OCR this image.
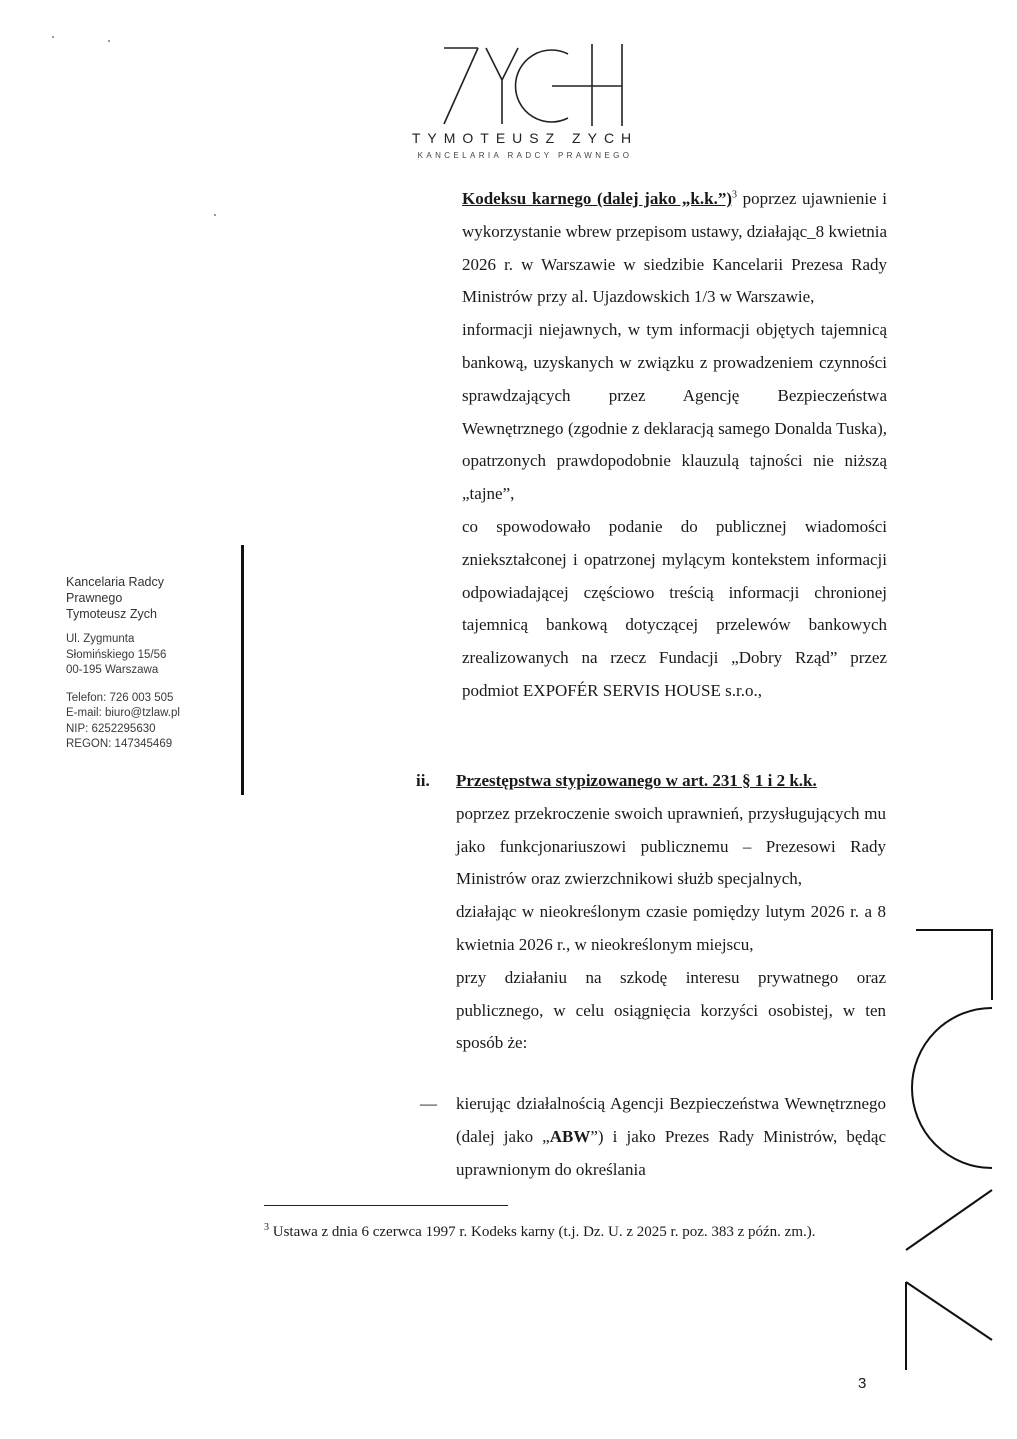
TYMOTEUSZ ZYCH
KANCELARIA RADCY PRAWNEGO
Kancelaria Radcy
Prawnego
Tymoteusz Zych
Ul. Zygmunta
Słomińskiego 15/56
00-195 Warszawa
Telefon: 726 003 505
E-mail: biuro@tzlaw.pl
NIP: 6252295630
REGON: 147345469

Kodeksu karnego (dalej jako „k.k.”)$^3$ poprzez ujawnienie i wykorzystanie wbrew przepisom ustawy, działając_8 kwietnia 2026 r. w Warszawie w siedzibie Kancelarii Prezesa Rady Ministrów przy al. Ujazdowskich 1/3 w Warszawie,

informacji niejawnych, w tym informacji objętych tajemnicą bankową, uzyskanych w związku z prowadzeniem czynności sprawdzających przez Agencję Bezpieczeństwa Wewnętrznego (zgodnie z deklaracją samego Donalda Tuska), opatrzonych prawdopodobnie klauzulą tajności nie niższą „tajne”,

co spowodowało podanie do publicznej wiadomości zniekształconej i opatrzonej mylącym kontekstem informacji odpowiadającej częściowo treścią informacji chronionej tajemnicą bankową dotyczącej przelewów bankowych zrealizowanych na rzecz Fundacji „Dobry Rząd” przez podmiot EXPOFÉR SERVIS HOUSE s.r.o.,

ii. Przestępstwa stypizowanego w art. 231 § 1 i 2 k.k.

poprzez przekroczenie swoich uprawnień, przysługujących mu jako funkcjonariuszowi publicznemu – Prezesowi Rady Ministrów oraz zwierzchnikowi służb specjalnych,

działając w nieokreślonym czasie pomiędzy lutym 2026 r. a 8 kwietnia 2026 r., w nieokreślonym miejscu,

przy działaniu na szkodę interesu prywatnego oraz publicznego, w celu osiągnięcia korzyści osobistej, w ten sposób że:

— kierując działalnością Agencji Bezpieczeństwa Wewnętrznego (dalej jako „ABW”) i jako Prezes Rady Ministrów, będąc uprawnionym do określania
$^3$ Ustawa z dnia 6 czerwca 1997 r. Kodeks karny (t.j. Dz. U. z 2025 r. poz. 383 z późn. zm.).
3
